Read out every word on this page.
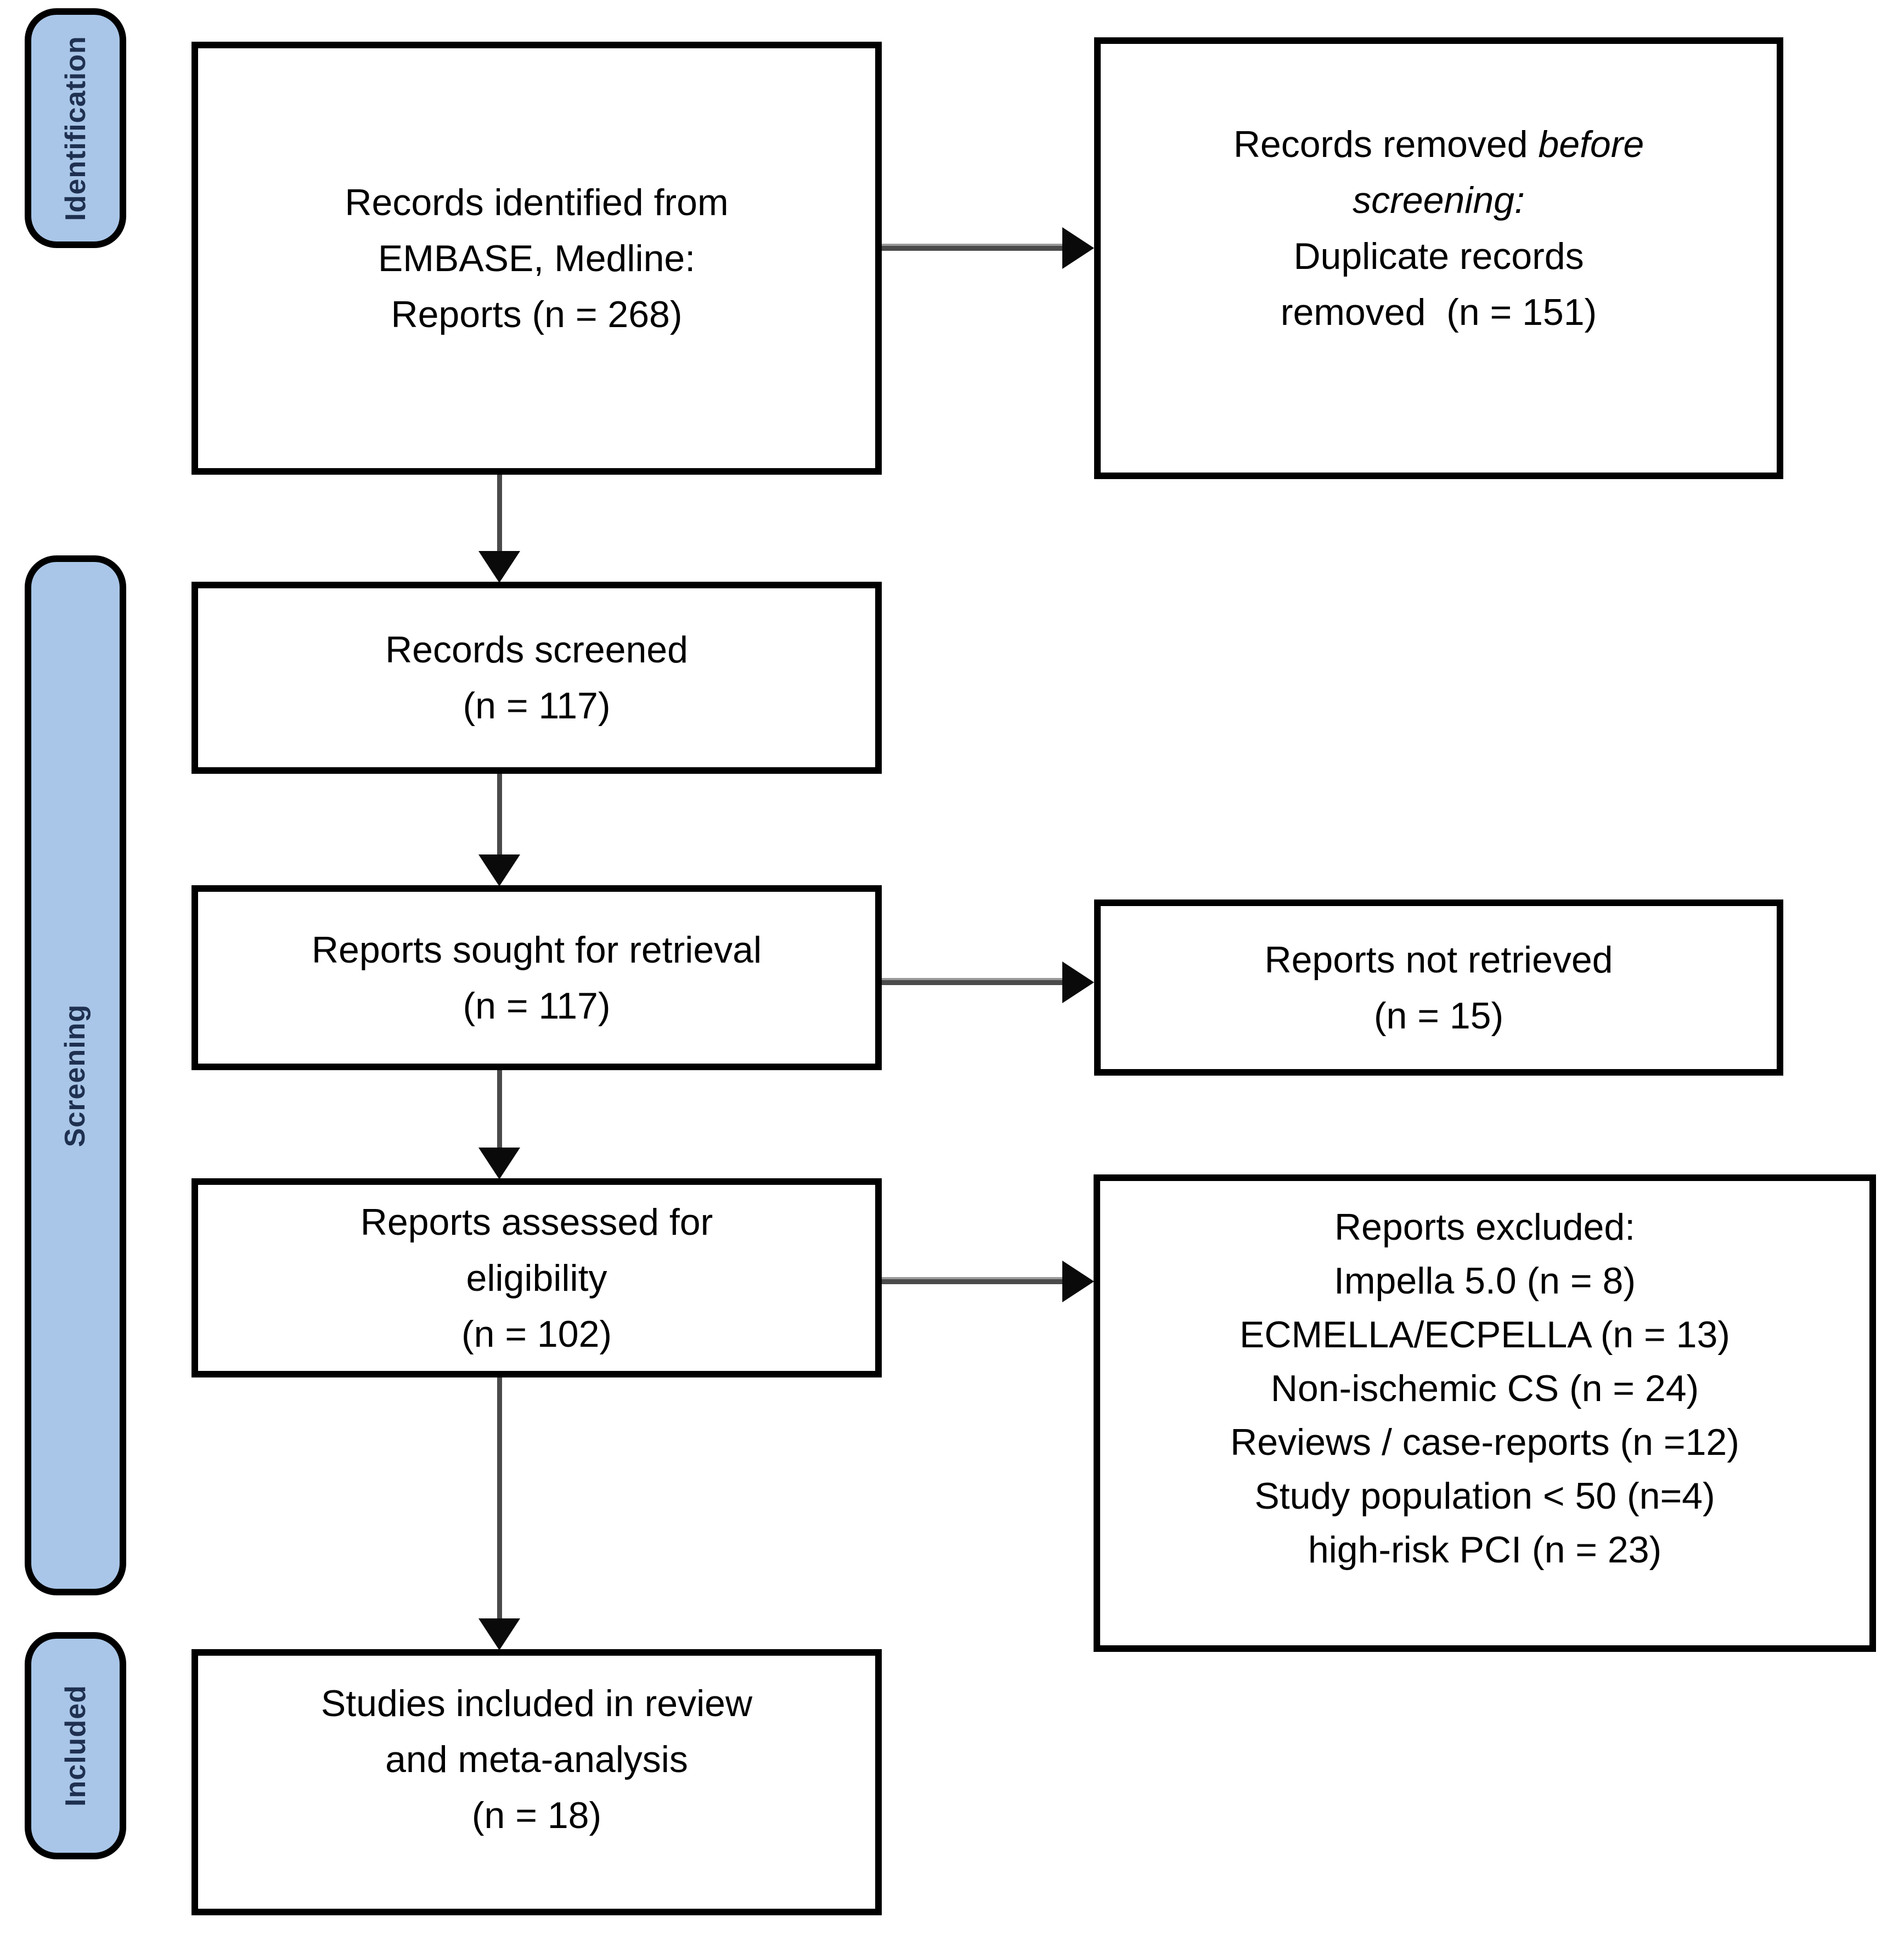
Identification
Screening
Included
Records identified from
EMBASE, Medline:
Reports (n = 268)
Records removed before
screening:
Duplicate records
removed  (n = 151)
Records screened
(n = 117)
Reports sought for retrieval
(n = 117)
Reports not retrieved
(n = 15)
Reports assessed for
eligibility
(n = 102)
Reports excluded:
Impella 5.0 (n = 8)
ECMELLA/ECPELLA (n = 13)
Non-ischemic CS (n = 24)
Reviews / case-reports (n =12)
Study population < 50 (n=4)
high-risk PCI (n = 23)
Studies included in review
and meta-analysis
(n = 18)
